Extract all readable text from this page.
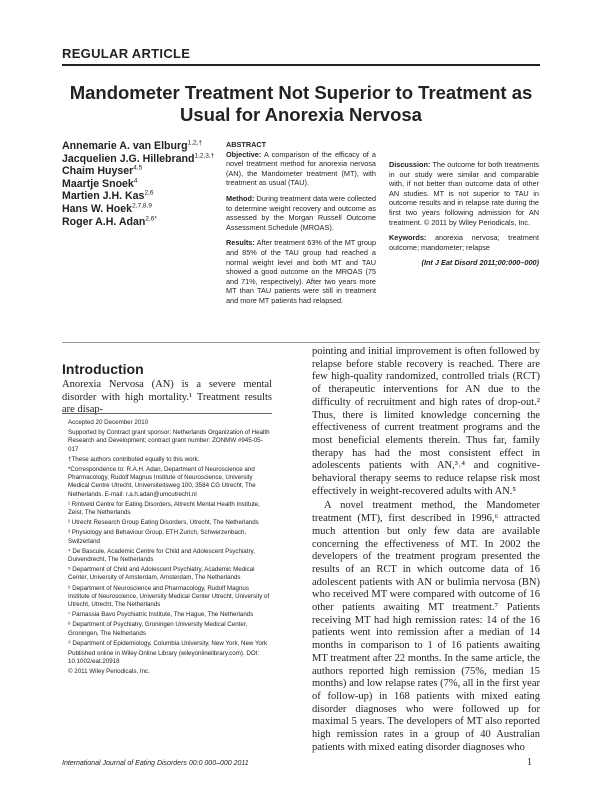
REGULAR ARTICLE
Mandometer Treatment Not Superior to Treatment as Usual for Anorexia Nervosa
Annemarie A. van Elburg$^{1,2,\dagger}$
Jacquelien J.G. Hillebrand$^{1,2,3,\dagger}$
Chaim Huyser$^{4,5}$
Maartje Snoek$^4$
Martien J.H. Kas$^{2,6}$
Hans W. Hoek$^{2,7,8,9}$
Roger A.H. Adan$^{2,6*}$
ABSTRACT

Objective: A comparison of the efficacy of a novel treatment method for anorexia nervosa (AN), the Mandometer treatment (MT), with treatment as usual (TAU).

Method: During treatment data were collected to determine weight recovery and outcome as assessed by the Morgan Russell Outcome Assessment Schedule (MROAS).

Results: After treatment 63% of the MT group and 85% of the TAU group had reached a normal weight level and both MT and TAU showed a good outcome on the MROAS (75 and 71%, respectively). After two years more MT than TAU patients were still in treatment and more MT patients had relapsed.

Discussion: The outcome for both treatments in our study were similar and comparable with, if not better than outcome data of other AN studies. MT is not superior to TAU in outcome results and in relapse rate during the first two years following admission for AN treatment. © 2011 by Wiley Periodicals, Inc.

Keywords: anorexia nervosa; treatment outcome; mandometer; relapse

(Int J Eat Disord 2011;00:000–000)

Introduction

Anorexia Nervosa (AN) is a severe mental disorder with high mortality.¹ Treatment results are disap-

Accepted 20 December 2010
Supported by Contract grant sponsor: Netherlands Organization of Health Research and Development; contract grant number: ZONMW #945-05-017
†These authors contributed equally to this work.
*Correspondence to: R.A.H. Adan, Department of Neuroscience and Pharmacology, Rudolf Magnus Institute of Neuroscience, University Medical Centre Utrecht, Universiteitsweg 100, 3584 CG Utrecht, The Netherlands. E-mail: r.a.h.adan@umcutrecht.nl
¹ Rintveld Centre for Eating Disorders, Altrecht Mental Health Institute, Zeist, The Netherlands
² Utrecht Research Group Eating Disorders, Utrecht, The Netherlands
³ Physiology and Behaviour Group, ETH Zurich, Schwerzenbach, Switzerland
⁴ De Bascule, Academic Centre for Child and Adolescent Psychiatry, Duivendrecht, The Netherlands
⁵ Department of Child and Adolescent Psychiatry, Academic Medical Center, University of Amsterdam, Amsterdam, The Netherlands
⁶ Department of Neuroscience and Pharmacology, Rudolf Magnus Institute of Neuroscience, University Medical Center Utrecht, University of Utrecht, Utrecht, The Netherlands
⁷ Parnassia Bavo Psychiatric Institute, The Hague, The Netherlands
⁸ Department of Psychiatry, Groningen University Medical Center, Groningen, The Netherlands
⁹ Department of Epidemiology, Columbia University, New York, New York
Published online in Wiley Online Library (wileyonlinelibrary.com). DOI: 10.1002/eat.20918
© 2011 Wiley Periodicals, Inc.

pointing and initial improvement is often followed by relapse before stable recovery is reached. There are few high-quality randomized, controlled trials (RCT) of therapeutic interventions for AN due to the difficulty of recruitment and high rates of drop-out.² Thus, there is limited knowledge concerning the effectiveness of current treatment programs and the most beneficial elements therein. Thus far, family therapy has had the most consistent effect in adolescents patients with AN,³˒⁴ and cognitive-behavioral therapy seems to reduce relapse risk most effectively in weight-recovered adults with AN.⁵

A novel treatment method, the Mandometer treatment (MT), first described in 1996,⁶ attracted much attention but only few data are available concerning the effectiveness of MT. In 2002 the developers of the treatment program presented the results of an RCT in which outcome data of 16 adolescent patients with AN or bulimia nervosa (BN) who received MT were compared with outcome of 16 other patients awaiting MT treatment.⁷ Patients receiving MT had high remission rates: 14 of the 16 patients went into remission after a median of 14 months in comparison to 1 of 16 patients awaiting MT treatment after 22 months. In the same article, the authors reported high remission (75%, median 15 months) and low relapse rates (7%, all in the first year of follow-up) in 168 patients with mixed eating disorder diagnoses who were followed up for maximal 5 years. The developers of MT also reported high remission rates in a group of 40 Australian patients with mixed eating disorder diagnoses who

International Journal of Eating Disorders 00:0 000–000 2011	1
